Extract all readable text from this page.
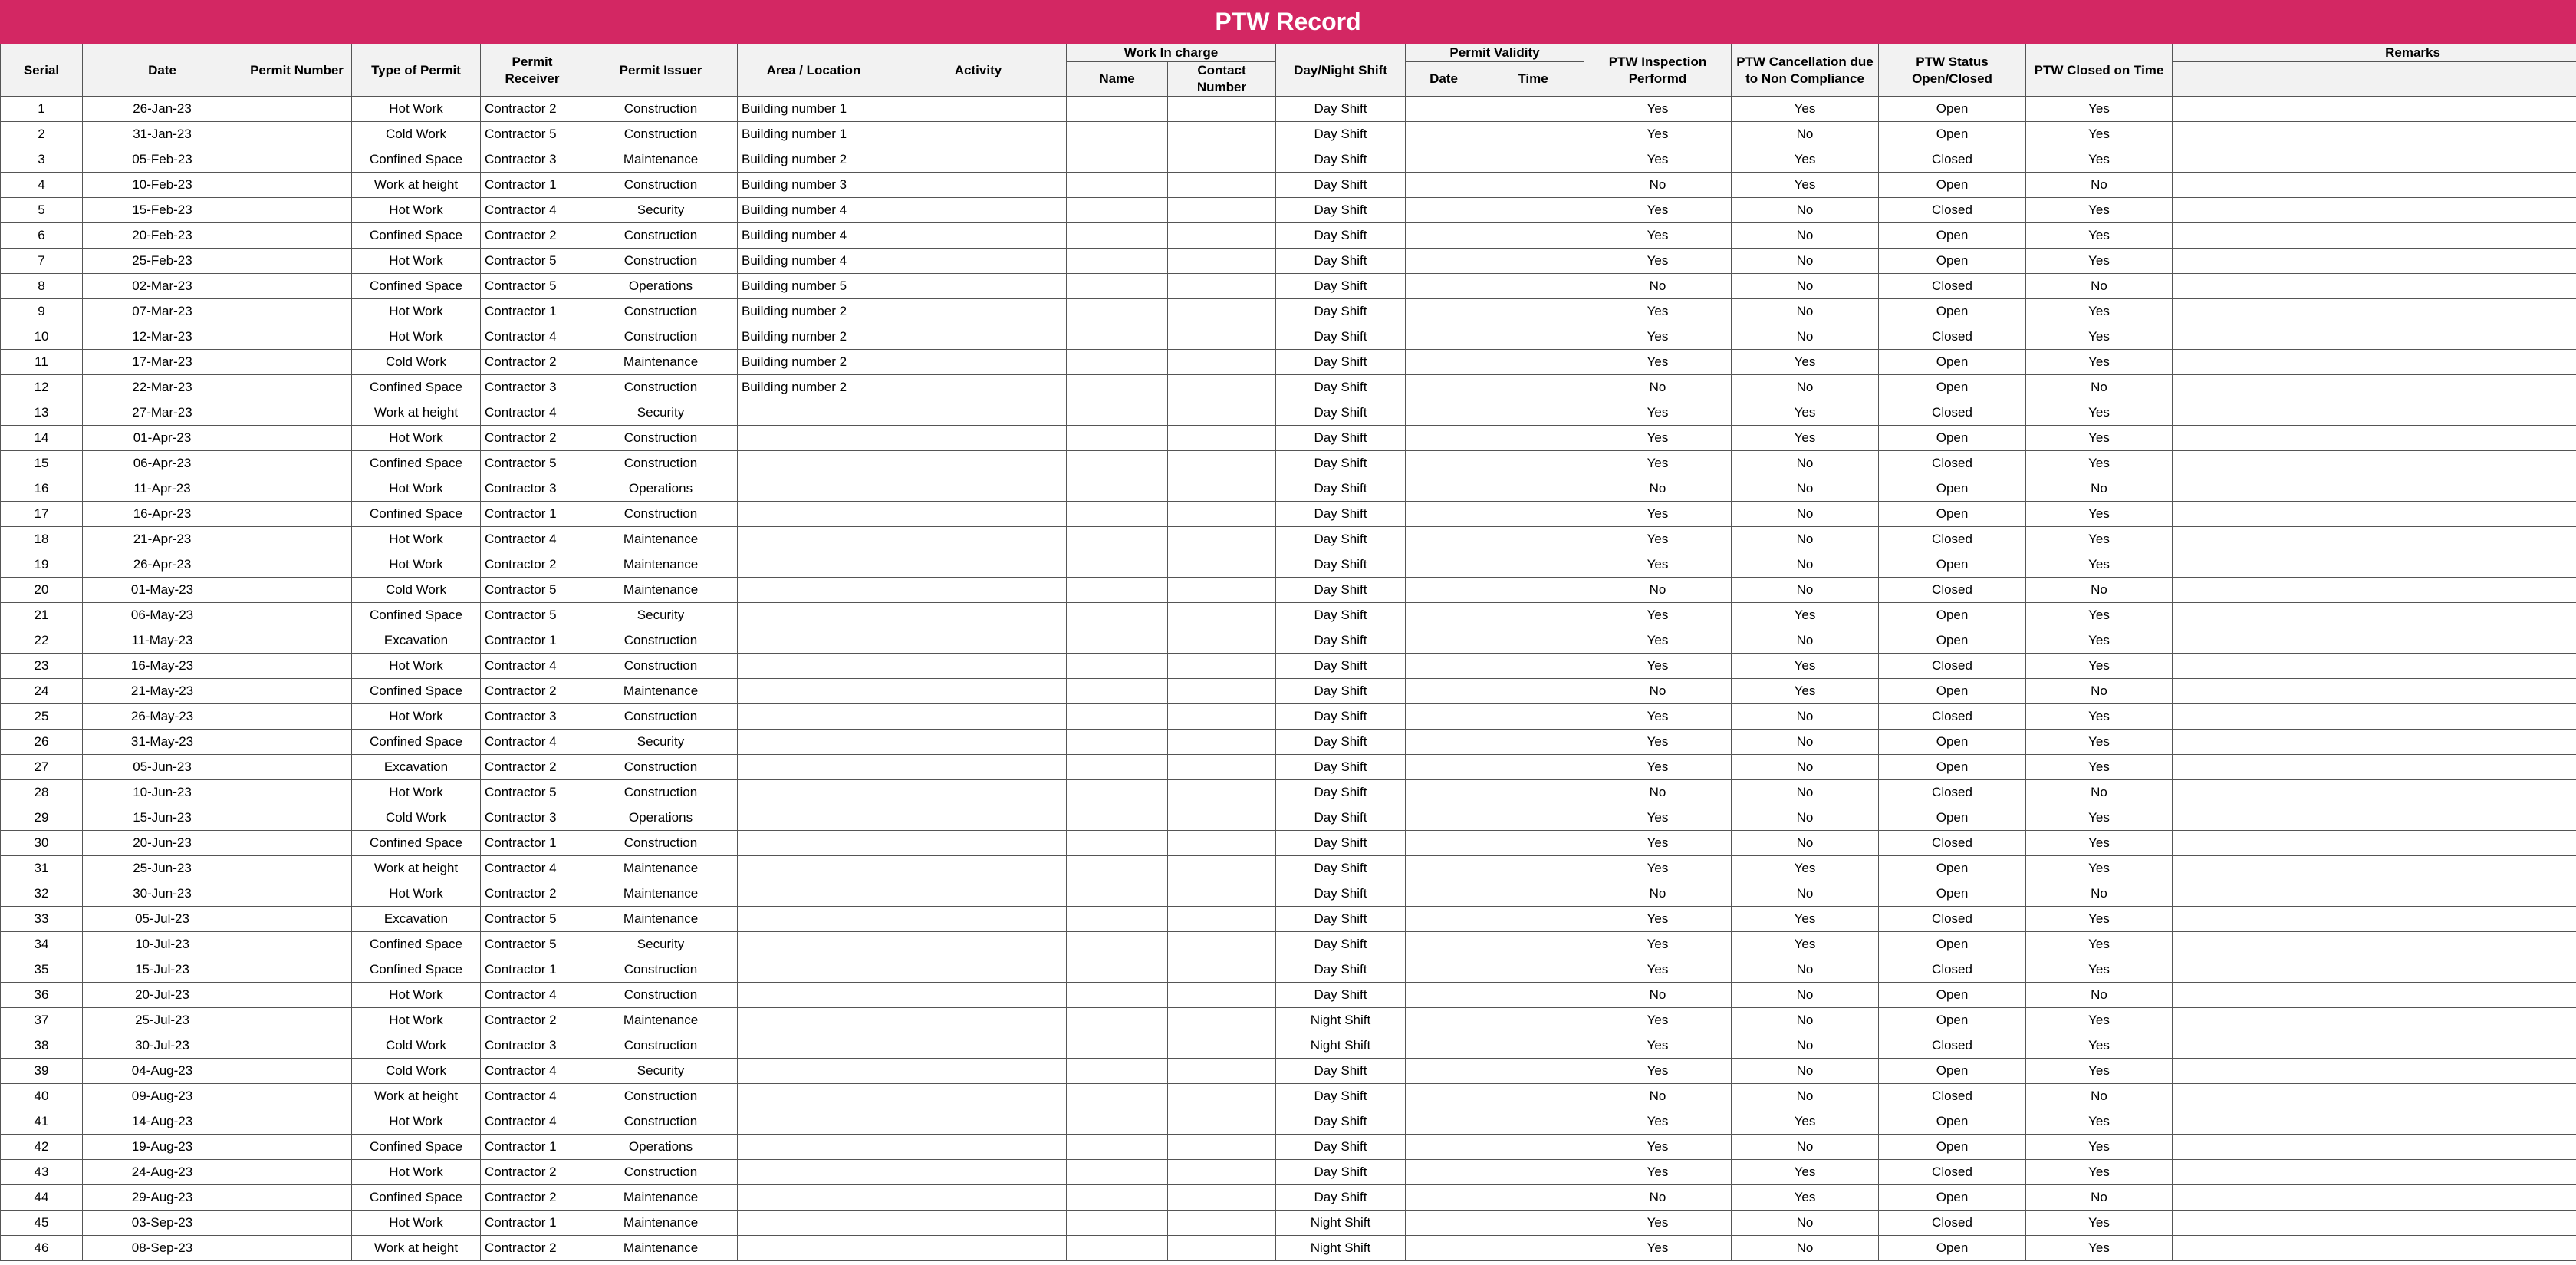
PTW Record
Serial	Date	Permit Number	Type of Permit	Permit Receiver	Permit Issuer	Area / Location	Activity	Work In charge		Day/Night Shift	Permit Validity		PTW Inspection Performd	PTW Cancellation due to Non Compliance	PTW Status Open/Closed	PTW Closed on Time	Remarks
								Name	Contact Number		Date	Time					
1	26-Jan-23		Hot Work	Contractor 2	Construction	Building number 1				Day Shift			Yes	Yes	Open	Yes	
2	31-Jan-23		Cold Work	Contractor 5	Construction	Building number 1				Day Shift			Yes	No	Open	Yes	
3	05-Feb-23		Confined Space	Contractor 3	Maintenance	Building number 2				Day Shift			Yes	Yes	Closed	Yes	
4	10-Feb-23		Work at height	Contractor 1	Construction	Building number 3				Day Shift			No	Yes	Open	No	
5	15-Feb-23		Hot Work	Contractor 4	Security	Building number 4				Day Shift			Yes	No	Closed	Yes	
6	20-Feb-23		Confined Space	Contractor 2	Construction	Building number 4				Day Shift			Yes	No	Open	Yes	
7	25-Feb-23		Hot Work	Contractor 5	Construction	Building number 4				Day Shift			Yes	No	Open	Yes	
8	02-Mar-23		Confined Space	Contractor 5	Operations	Building number 5				Day Shift			No	No	Closed	No	
9	07-Mar-23		Hot Work	Contractor 1	Construction	Building number 2				Day Shift			Yes	No	Open	Yes	
10	12-Mar-23		Hot Work	Contractor 4	Construction	Building number 2				Day Shift			Yes	No	Closed	Yes	
11	17-Mar-23		Cold Work	Contractor 2	Maintenance	Building number 2				Day Shift			Yes	Yes	Open	Yes	
12	22-Mar-23		Confined Space	Contractor 3	Construction	Building number 2				Day Shift			No	No	Open	No	
13	27-Mar-23		Work at height	Contractor 4	Security					Day Shift			Yes	Yes	Closed	Yes	
14	01-Apr-23		Hot Work	Contractor 2	Construction					Day Shift			Yes	Yes	Open	Yes	
15	06-Apr-23		Confined Space	Contractor 5	Construction					Day Shift			Yes	No	Closed	Yes	
16	11-Apr-23		Hot Work	Contractor 3	Operations					Day Shift			No	No	Open	No	
17	16-Apr-23		Confined Space	Contractor 1	Construction					Day Shift			Yes	No	Open	Yes	
18	21-Apr-23		Hot Work	Contractor 4	Maintenance					Day Shift			Yes	No	Closed	Yes	
19	26-Apr-23		Hot Work	Contractor 2	Maintenance					Day Shift			Yes	No	Open	Yes	
20	01-May-23		Cold Work	Contractor 5	Maintenance					Day Shift			No	No	Closed	No	
21	06-May-23		Confined Space	Contractor 5	Security					Day Shift			Yes	Yes	Open	Yes	
22	11-May-23		Excavation	Contractor 1	Construction					Day Shift			Yes	No	Open	Yes	
23	16-May-23		Hot Work	Contractor 4	Construction					Day Shift			Yes	Yes	Closed	Yes	
24	21-May-23		Confined Space	Contractor 2	Maintenance					Day Shift			No	Yes	Open	No	
25	26-May-23		Hot Work	Contractor 3	Construction					Day Shift			Yes	No	Closed	Yes	
26	31-May-23		Confined Space	Contractor 4	Security					Day Shift			Yes	No	Open	Yes	
27	05-Jun-23		Excavation	Contractor 2	Construction					Day Shift			Yes	No	Open	Yes	
28	10-Jun-23		Hot Work	Contractor 5	Construction					Day Shift			No	No	Closed	No	
29	15-Jun-23		Cold Work	Contractor 3	Operations					Day Shift			Yes	No	Open	Yes	
30	20-Jun-23		Confined Space	Contractor 1	Construction					Day Shift			Yes	No	Closed	Yes	
31	25-Jun-23		Work at height	Contractor 4	Maintenance					Day Shift			Yes	Yes	Open	Yes	
32	30-Jun-23		Hot Work	Contractor 2	Maintenance					Day Shift			No	No	Open	No	
33	05-Jul-23		Excavation	Contractor 5	Maintenance					Day Shift			Yes	Yes	Closed	Yes	
34	10-Jul-23		Confined Space	Contractor 5	Security					Day Shift			Yes	Yes	Open	Yes	
35	15-Jul-23		Confined Space	Contractor 1	Construction					Day Shift			Yes	No	Closed	Yes	
36	20-Jul-23		Hot Work	Contractor 4	Construction					Day Shift			No	No	Open	No	
37	25-Jul-23		Hot Work	Contractor 2	Maintenance					Night Shift			Yes	No	Open	Yes	
38	30-Jul-23		Cold Work	Contractor 3	Construction					Night Shift			Yes	No	Closed	Yes	
39	04-Aug-23		Cold Work	Contractor 4	Security					Day Shift			Yes	No	Open	Yes	
40	09-Aug-23		Work at height	Contractor 4	Construction					Day Shift			No	No	Closed	No	
41	14-Aug-23		Hot Work	Contractor 4	Construction					Day Shift			Yes	Yes	Open	Yes	
42	19-Aug-23		Confined Space	Contractor 1	Operations					Day Shift			Yes	No	Open	Yes	
43	24-Aug-23		Hot Work	Contractor 2	Construction					Day Shift			Yes	Yes	Closed	Yes	
44	29-Aug-23		Confined Space	Contractor 2	Maintenance					Day Shift			No	Yes	Open	No	
45	03-Sep-23		Hot Work	Contractor 1	Maintenance					Night Shift			Yes	No	Closed	Yes	
46	08-Sep-23		Work at height	Contractor 2	Maintenance					Night Shift			Yes	No	Open	Yes	
